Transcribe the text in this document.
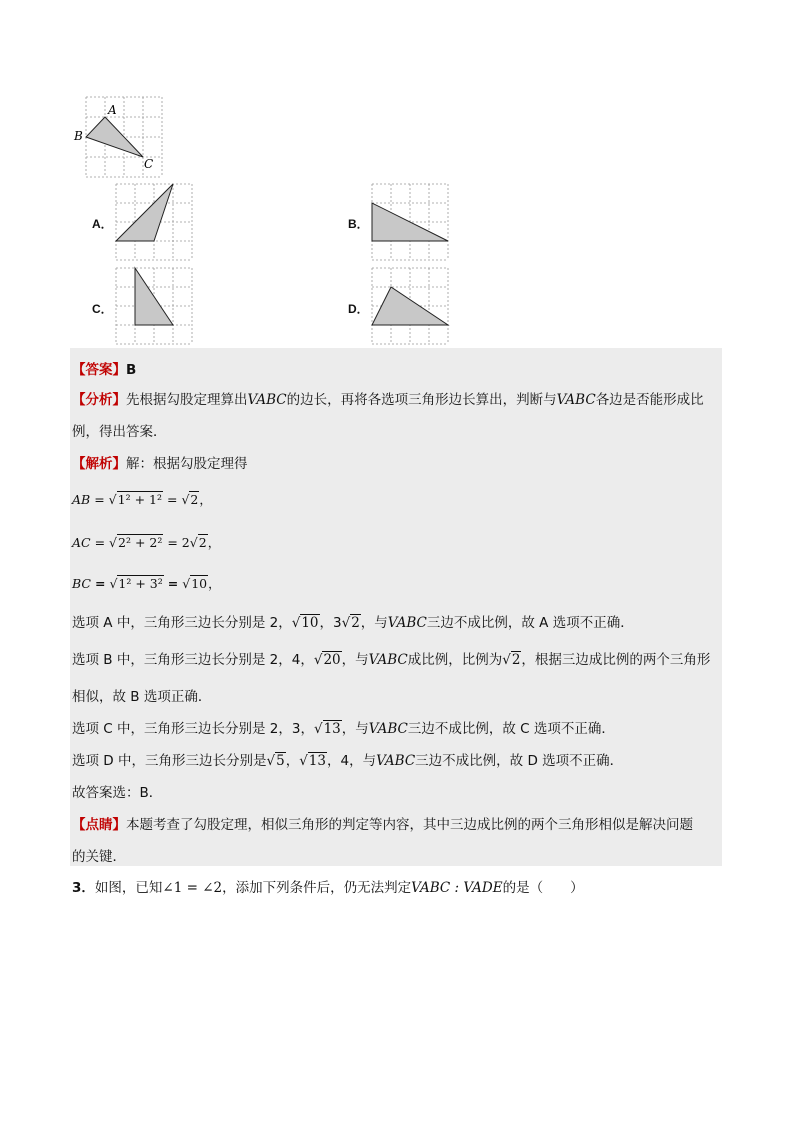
A
B
C
A．	B．
C．	D．
【答案】B
【分析】先根据勾股定理算出VABC的边长，再将各选项三角形边长算出，判断与VABC各边是否能形成比
例，得出答案．
【解析】解：根据勾股定理得
AB = √1² + 1² = √2，
AC = √2² + 2² = 2√2，
BC = √1² + 3² = √10，
选项 A 中，三角形三边长分别是 2，√10，3√2，与VABC三边不成比例，故 A 选项不正确．
选项 B 中，三角形三边长分别是 2，4，√20，与VABC成比例，比例为√2，根据三边成比例的两个三角形
相似，故 B 选项正确．
选项 C 中，三角形三边长分别是 2，3，√13，与VABC三边不成比例，故 C 选项不正确．
选项 D 中，三角形三边长分别是√5，√13，4，与VABC三边不成比例，故 D 选项不正确．
故答案选：B．
【点睛】本题考查了勾股定理，相似三角形的判定等内容，其中三边成比例的两个三角形相似是解决问题
的关键．
3．如图，已知∠1 = ∠2，添加下列条件后，仍无法判定VABC : VADE的是（　　）
